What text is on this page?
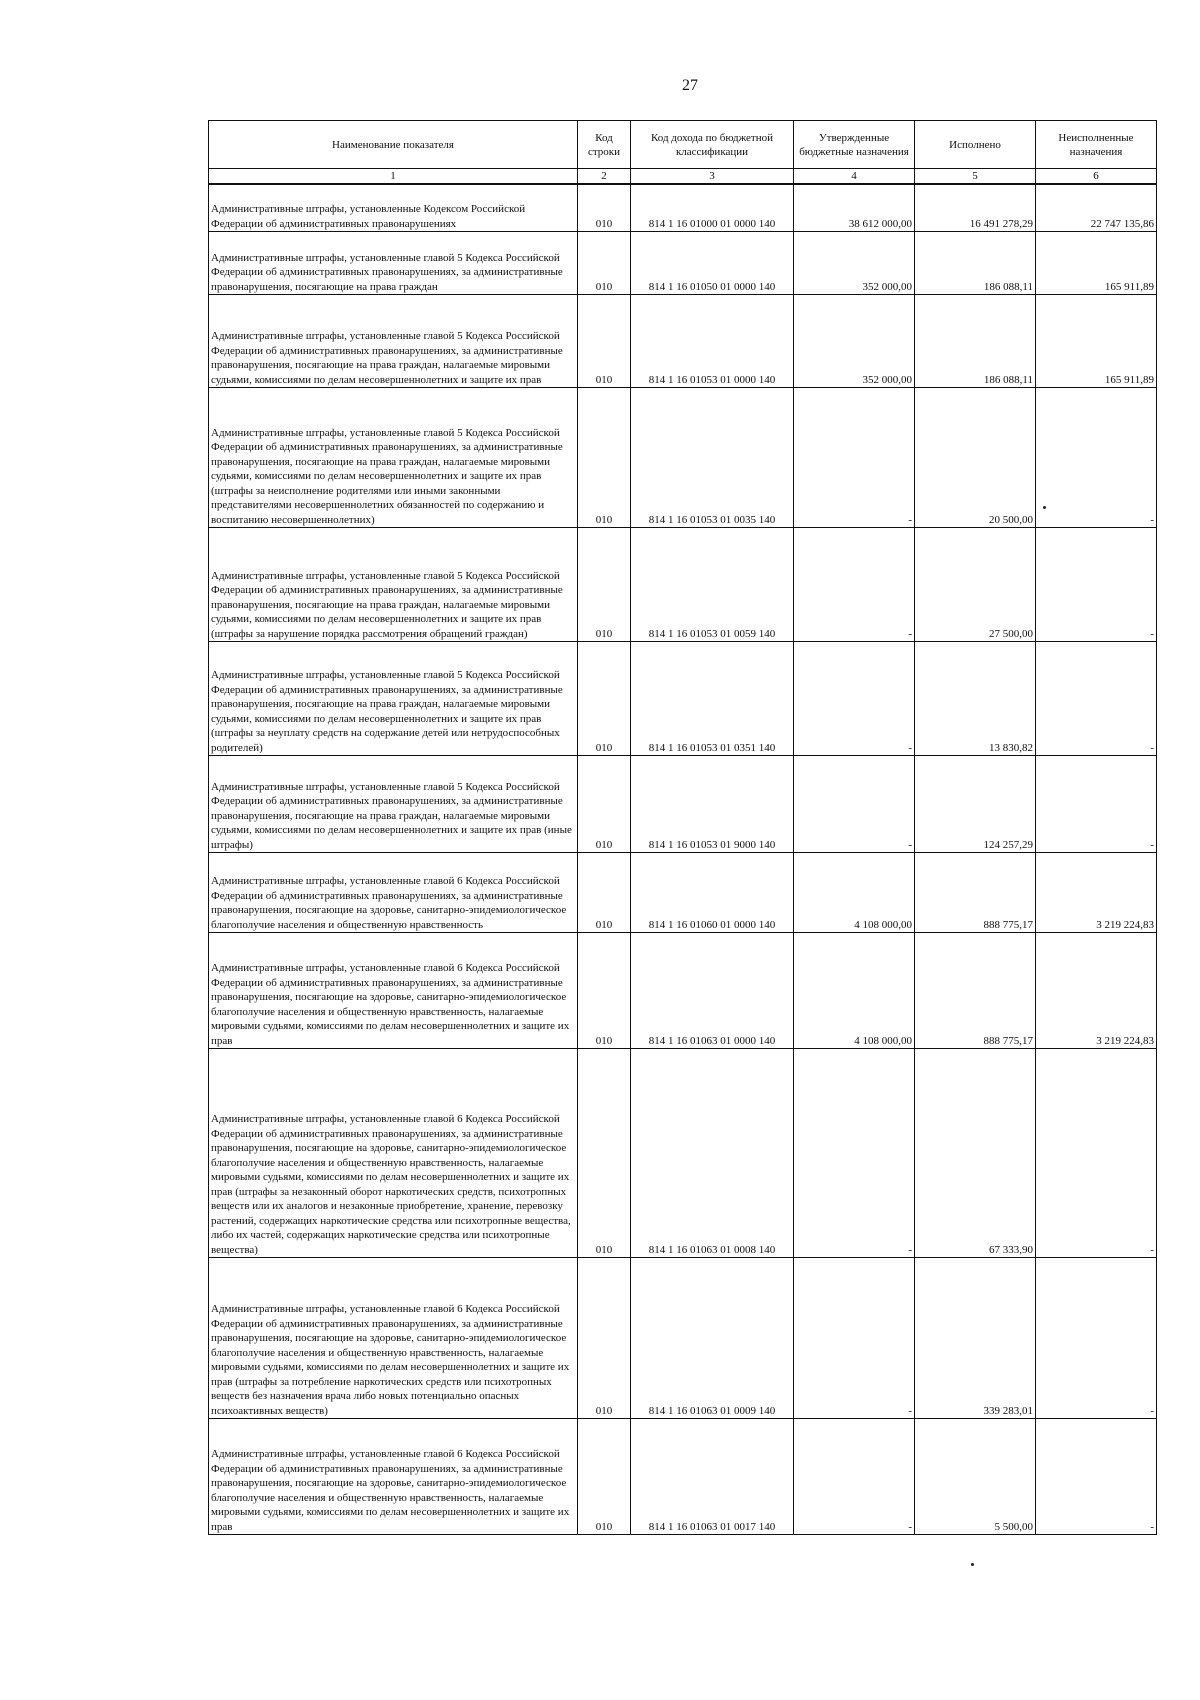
27
Наименование показателя	Код строки	Код дохода по бюджетной классификации	Утвержденные бюджетные назначения	Исполнено	Неисполненные назначения
1	2	3	4	5	6
Административные штрафы, установленные Кодексом Российской Федерации об административных правонарушениях	010	814 1 16 01000 01 0000 140	38 612 000,00	16 491 278,29	22 747 135,86
Административные штрафы, установленные главой 5 Кодекса Российской Федерации об административных правонарушениях, за административные правонарушения, посягающие на права граждан	010	814 1 16 01050 01 0000 140	352 000,00	186 088,11	165 911,89
Административные штрафы, установленные главой 5 Кодекса Российской Федерации об административных правонарушениях, за административные правонарушения, посягающие на права граждан, налагаемые мировыми судьями, комиссиями по делам несовершеннолетних и защите их прав	010	814 1 16 01053 01 0000 140	352 000,00	186 088,11	165 911,89
Административные штрафы, установленные главой 5 Кодекса Российской Федерации об административных правонарушениях, за административные правонарушения, посягающие на права граждан, налагаемые мировыми судьями, комиссиями по делам несовершеннолетних и защите их прав (штрафы за неисполнение родителями или иными законными представителями несовершеннолетних обязанностей по содержанию и воспитанию несовершеннолетних)	010	814 1 16 01053 01 0035 140	-	20 500,00	-
Административные штрафы, установленные главой 5 Кодекса Российской Федерации об административных правонарушениях, за административные правонарушения, посягающие на права граждан, налагаемые мировыми судьями, комиссиями по делам несовершеннолетних и защите их прав (штрафы за нарушение порядка рассмотрения обращений граждан)	010	814 1 16 01053 01 0059 140	-	27 500,00	-
Административные штрафы, установленные главой 5 Кодекса Российской Федерации об административных правонарушениях, за административные правонарушения, посягающие на права граждан, налагаемые мировыми судьями, комиссиями по делам несовершеннолетних и защите их прав (штрафы за неуплату средств на содержание детей или нетрудоспособных родителей)	010	814 1 16 01053 01 0351 140	-	13 830,82	-
Административные штрафы, установленные главой 5 Кодекса Российской Федерации об административных правонарушениях, за административные правонарушения, посягающие на права граждан, налагаемые мировыми судьями, комиссиями по делам несовершеннолетних и защите их прав (иные штрафы)	010	814 1 16 01053 01 9000 140	-	124 257,29	-
Административные штрафы, установленные главой 6 Кодекса Российской Федерации об административных правонарушениях, за административные правонарушения, посягающие на здоровье, санитарно-эпидемиологическое благополучие населения и общественную нравственность	010	814 1 16 01060 01 0000 140	4 108 000,00	888 775,17	3 219 224,83
Административные штрафы, установленные главой 6 Кодекса Российской Федерации об административных правонарушениях, за административные правонарушения, посягающие на здоровье, санитарно-эпидемиологическое благополучие населения и общественную нравственность, налагаемые мировыми судьями, комиссиями по делам несовершеннолетних и защите их прав	010	814 1 16 01063 01 0000 140	4 108 000,00	888 775,17	3 219 224,83
Административные штрафы, установленные главой 6 Кодекса Российской Федерации об административных правонарушениях, за административные правонарушения, посягающие на здоровье, санитарно-эпидемиологическое благополучие населения и общественную нравственность, налагаемые мировыми судьями, комиссиями по делам несовершеннолетних и защите их прав (штрафы за незаконный оборот наркотических средств, психотропных веществ или их аналогов и незаконные приобретение, хранение, перевозку растений, содержащих наркотические средства или психотропные вещества, либо их частей, содержащих наркотические средства или психотропные вещества)	010	814 1 16 01063 01 0008 140	-	67 333,90	-
Административные штрафы, установленные главой 6 Кодекса Российской Федерации об административных правонарушениях, за административные правонарушения, посягающие на здоровье, санитарно-эпидемиологическое благополучие населения и общественную нравственность, налагаемые мировыми судьями, комиссиями по делам несовершеннолетних и защите их прав (штрафы за потребление наркотических средств или психотропных веществ без назначения врача либо новых потенциально опасных психоактивных веществ)	010	814 1 16 01063 01 0009 140	-	339 283,01	-
Административные штрафы, установленные главой 6 Кодекса Российской Федерации об административных правонарушениях, за административные правонарушения, посягающие на здоровье, санитарно-эпидемиологическое благополучие населения и общественную нравственность, налагаемые мировыми судьями, комиссиями по делам несовершеннолетних и защите их прав	010	814 1 16 01063 01 0017 140	-	5 500,00	-
